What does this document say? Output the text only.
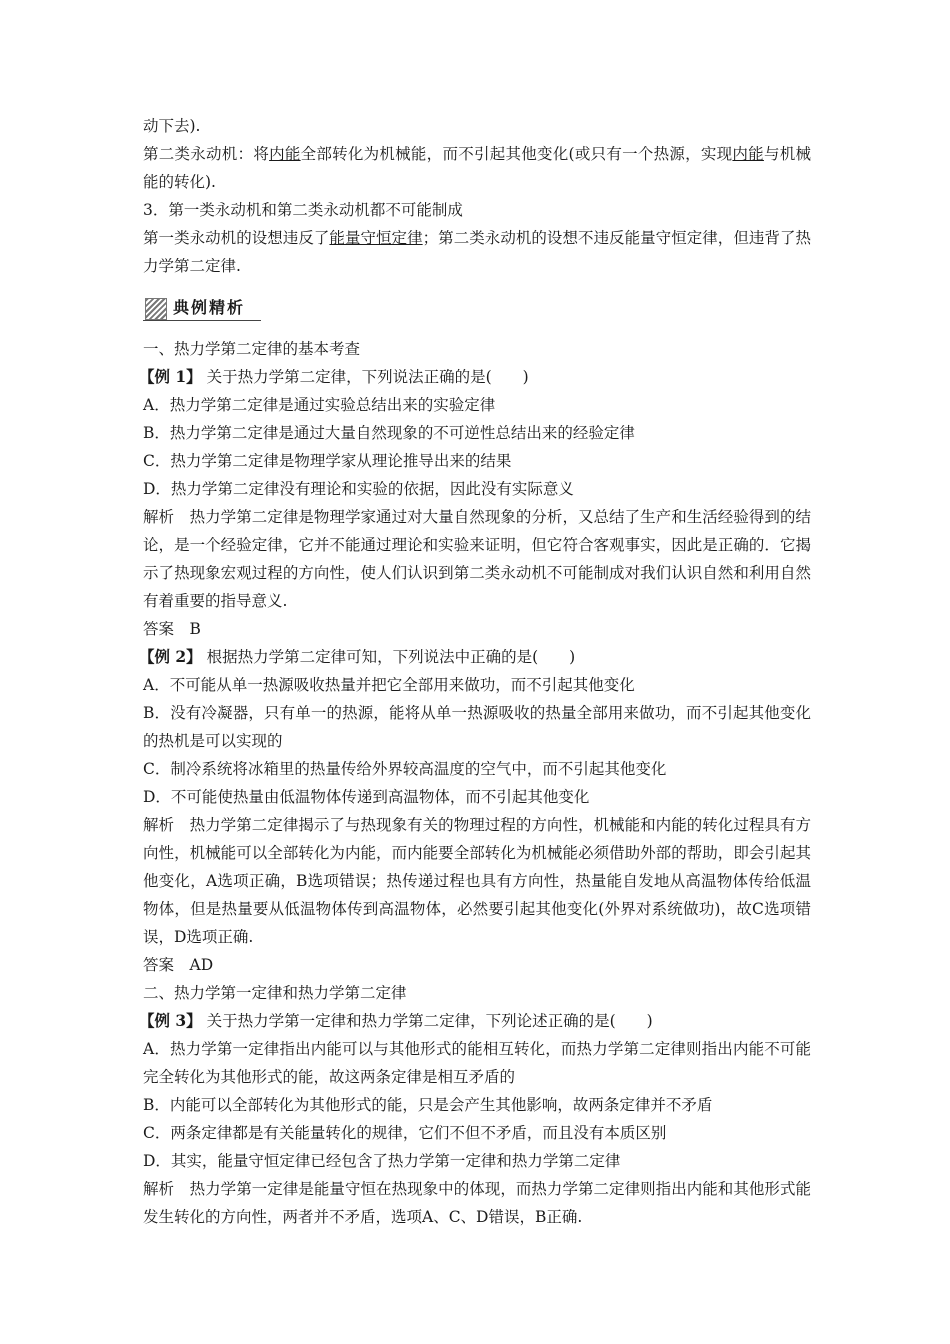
动下去).

第二类永动机：将内能全部转化为机械能，而不引起其他变化(或只有一个热源，实现内能与机械能的转化).

3．第一类永动机和第二类永动机都不可能制成

第一类永动机的设想违反了能量守恒定律；第二类永动机的设想不违反能量守恒定律，但违背了热力学第二定律.

典例精析

一、热力学第二定律的基本考查

【例 1】 关于热力学第二定律，下列说法正确的是(　　)

A．热力学第二定律是通过实验总结出来的实验定律

B．热力学第二定律是通过大量自然现象的不可逆性总结出来的经验定律

C．热力学第二定律是物理学家从理论推导出来的结果

D．热力学第二定律没有理论和实验的依据，因此没有实际意义

解析　热力学第二定律是物理学家通过对大量自然现象的分析，又总结了生产和生活经验得到的结论，是一个经验定律，它并不能通过理论和实验来证明，但它符合客观事实，因此是正确的．它揭示了热现象宏观过程的方向性，使人们认识到第二类永动机不可能制成对我们认识自然和利用自然有着重要的指导意义.

答案　B

【例 2】 根据热力学第二定律可知，下列说法中正确的是(　　)

A．不可能从单一热源吸收热量并把它全部用来做功，而不引起其他变化

B．没有冷凝器，只有单一的热源，能将从单一热源吸收的热量全部用来做功，而不引起其他变化的热机是可以实现的

C．制冷系统将冰箱里的热量传给外界较高温度的空气中，而不引起其他变化

D．不可能使热量由低温物体传递到高温物体，而不引起其他变化

解析　热力学第二定律揭示了与热现象有关的物理过程的方向性，机械能和内能的转化过程具有方向性，机械能可以全部转化为内能，而内能要全部转化为机械能必须借助外部的帮助，即会引起其他变化，A选项正确，B选项错误；热传递过程也具有方向性，热量能自发地从高温物体传给低温物体，但是热量要从低温物体传到高温物体，必然要引起其他变化(外界对系统做功)，故C选项错误，D选项正确.

答案　AD

二、热力学第一定律和热力学第二定律

【例 3】 关于热力学第一定律和热力学第二定律，下列论述正确的是(　　)

A．热力学第一定律指出内能可以与其他形式的能相互转化，而热力学第二定律则指出内能不可能完全转化为其他形式的能，故这两条定律是相互矛盾的

B．内能可以全部转化为其他形式的能，只是会产生其他影响，故两条定律并不矛盾

C．两条定律都是有关能量转化的规律，它们不但不矛盾，而且没有本质区别

D．其实，能量守恒定律已经包含了热力学第一定律和热力学第二定律

解析　热力学第一定律是能量守恒在热现象中的体现，而热力学第二定律则指出内能和其他形式能发生转化的方向性，两者并不矛盾，选项A、C、D错误，B正确.
